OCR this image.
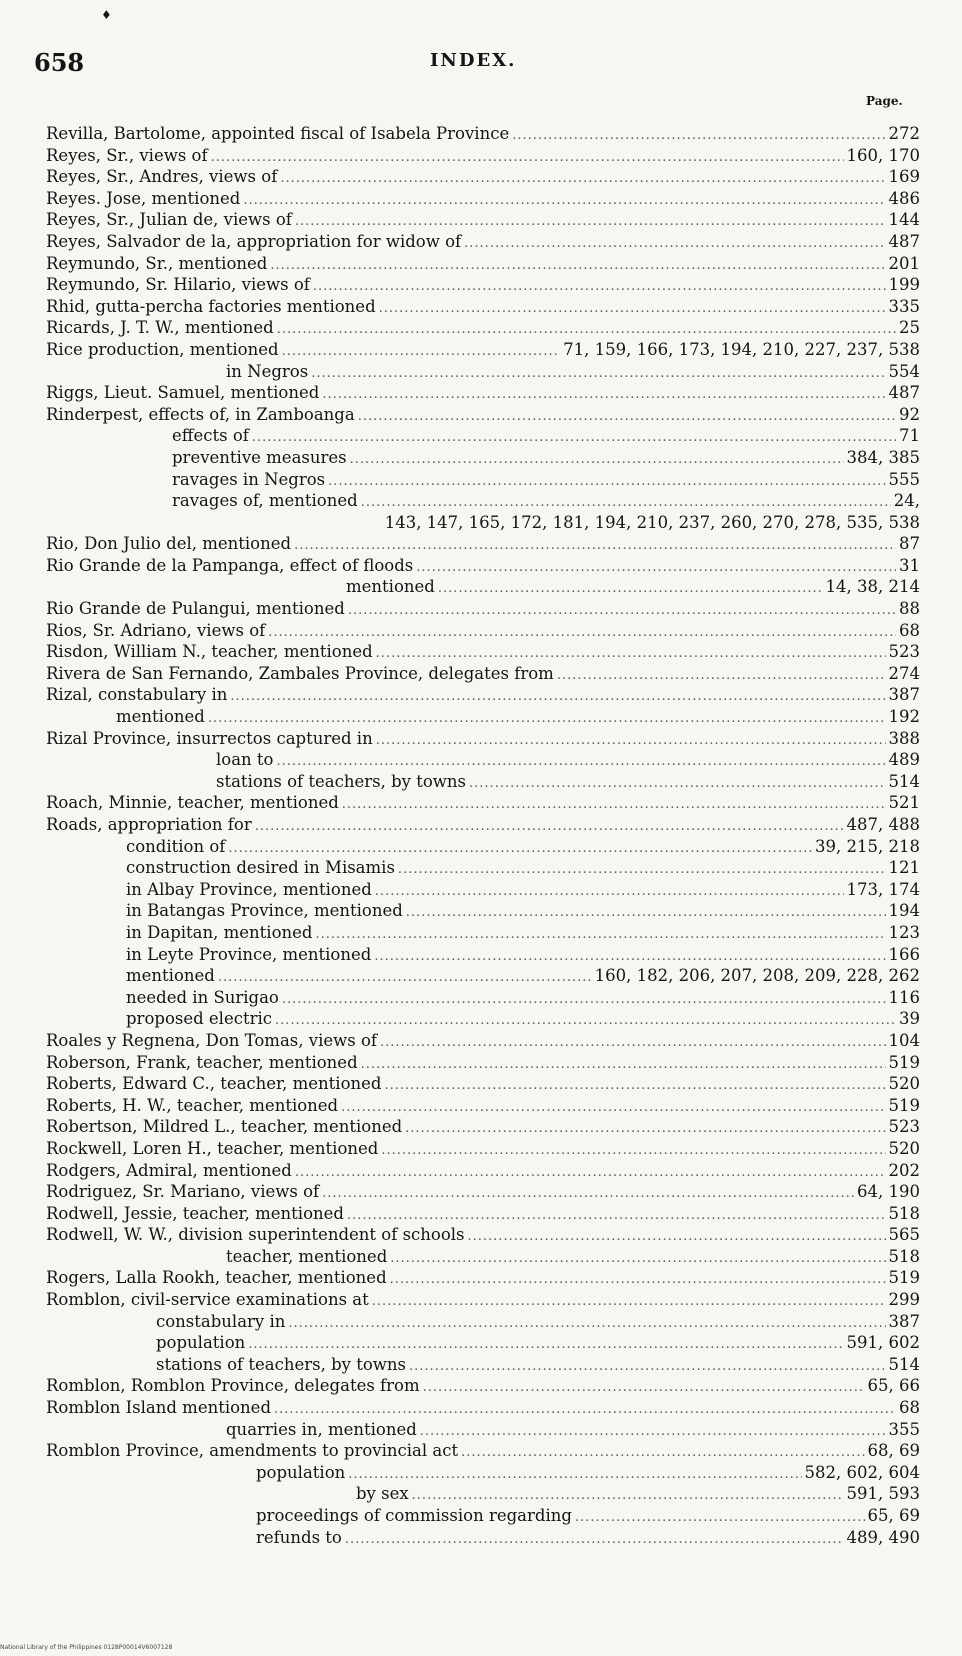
♦
658	INDEX.
Page.
Revilla, Bartolome, appointed fiscal of Isabela Province .....	272
Reyes, Sr., views of .....	160, 170
Reyes, Sr., Andres, views of .....	169
Reyes. Jose, mentioned .....	486
Reyes, Sr., Julian de, views of .....	144
Reyes, Salvador de la, appropriation for widow of .....	487
Reymundo, Sr., mentioned .....	201
Reymundo, Sr. Hilario, views of .....	199
Rhid, gutta-percha factories mentioned .....	335
Ricards, J. T. W., mentioned .....	25
Rice production, mentioned .....	71, 159, 166, 173, 194, 210, 227, 237, 538
in Negros .....	554
Riggs, Lieut. Samuel, mentioned .....	487
Rinderpest, effects of, in Zamboanga .....	92
effects of .....	71
preventive measures .....	384, 385
ravages in Negros .....	555
ravages of, mentioned .....	24,
143, 147, 165, 172, 181, 194, 210, 237, 260, 270, 278, 535, 538
Rio, Don Julio del, mentioned .....	87
Rio Grande de la Pampanga, effect of floods .....	31
mentioned .....	14, 38, 214
Rio Grande de Pulangui, mentioned .....	88
Rios, Sr. Adriano, views of .....	68
Risdon, William N., teacher, mentioned .....	523
Rivera de San Fernando, Zambales Province, delegates from .....	274
Rizal, constabulary in .....	387
mentioned .....	192
Rizal Province, insurrectos captured in .....	388
loan to .....	489
stations of teachers, by towns .....	514
Roach, Minnie, teacher, mentioned .....	521
Roads, appropriation for .....	487, 488
condition of .....	39, 215, 218
construction desired in Misamis .....	121
in Albay Province, mentioned .....	173, 174
in Batangas Province, mentioned .....	194
in Dapitan, mentioned .....	123
in Leyte Province, mentioned .....	166
mentioned .....	160, 182, 206, 207, 208, 209, 228, 262
needed in Surigao .....	116
proposed electric .....	39
Roales y Regnena, Don Tomas, views of .....	104
Roberson, Frank, teacher, mentioned .....	519
Roberts, Edward C., teacher, mentioned .....	520
Roberts, H. W., teacher, mentioned .....	519
Robertson, Mildred L., teacher, mentioned .....	523
Rockwell, Loren H., teacher, mentioned .....	520
Rodgers, Admiral, mentioned .....	202
Rodriguez, Sr. Mariano, views of .....	64, 190
Rodwell, Jessie, teacher, mentioned .....	518
Rodwell, W. W., division superintendent of schools .....	565
teacher, mentioned .....	518
Rogers, Lalla Rookh, teacher, mentioned .....	519
Romblon, civil-service examinations at .....	299
constabulary in .....	387
population .....	591, 602
stations of teachers, by towns .....	514
Romblon, Romblon Province, delegates from .....	65, 66
Romblon Island mentioned .....	68
quarries in, mentioned .....	355
Romblon Province, amendments to provincial act .....	68, 69
population .....	582, 602, 604
by sex .....	591, 593
proceedings of commission regarding .....	65, 69
refunds to .....	489, 490
National Library of the Philippines 0128P00014V6007128
